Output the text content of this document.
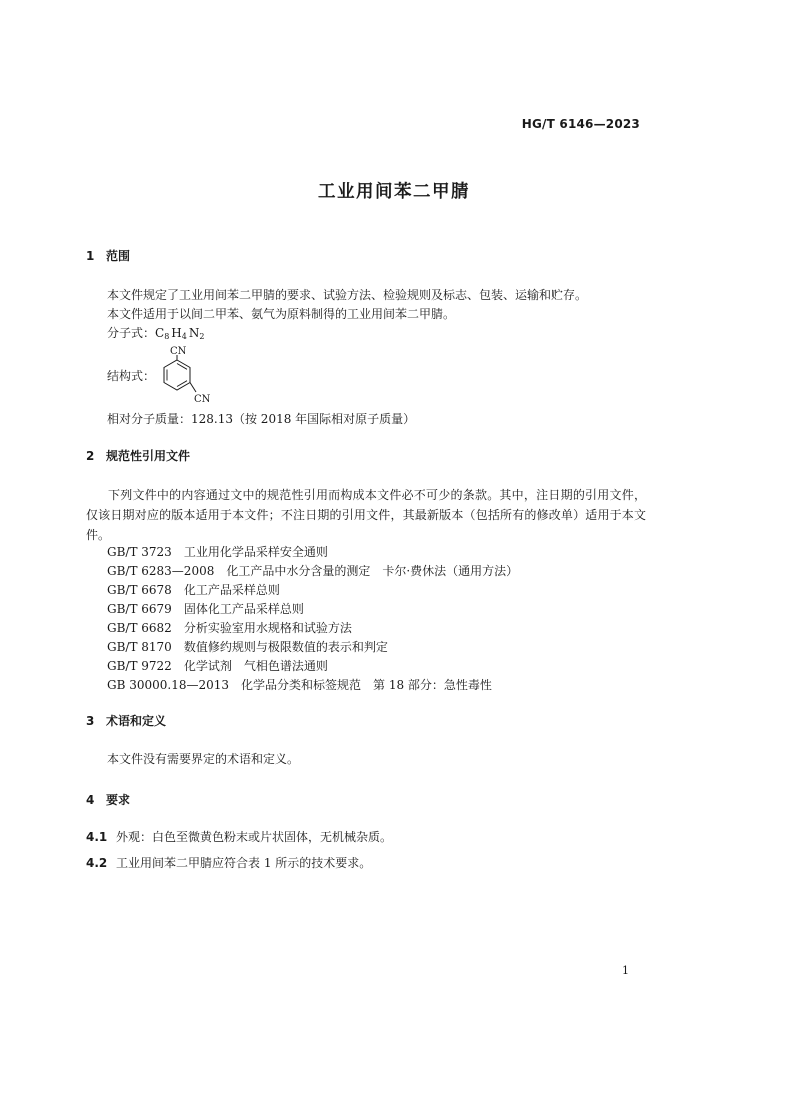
HG/T 6146—2023
工业用间苯二甲腈
1 范围
本文件规定了工业用间苯二甲腈的要求、试验方法、检验规则及标志、包装、运输和贮存。
本文件适用于以间二甲苯、氨气为原料制得的工业用间苯二甲腈。
分子式：$C_8$ $H_4$ $N_2$
结构式：
CN
CN
相对分子质量：128.13（按 2018 年国际相对原子质量）
2 规范性引用文件
下列文件中的内容通过文中的规范性引用而构成本文件必不可少的条款。其中，注日期的引用文件，仅该日期对应的版本适用于本文件；不注日期的引用文件，其最新版本（包括所有的修改单）适用于本文件。
GB/T 3723 工业用化学品采样安全通则
GB/T 6283—2008 化工产品中水分含量的测定　卡尔·费休法（通用方法）
GB/T 6678 化工产品采样总则
GB/T 6679 固体化工产品采样总则
GB/T 6682 分析实验室用水规格和试验方法
GB/T 8170 数值修约规则与极限数值的表示和判定
GB/T 9722 化学试剂　气相色谱法通则
GB 30000.18—2013 化学品分类和标签规范　第 18 部分：急性毒性
3 术语和定义
本文件没有需要界定的术语和定义。
4 要求
4.1 外观：白色至微黄色粉末或片状固体，无机械杂质。
4.2 工业用间苯二甲腈应符合表 1 所示的技术要求。
1
